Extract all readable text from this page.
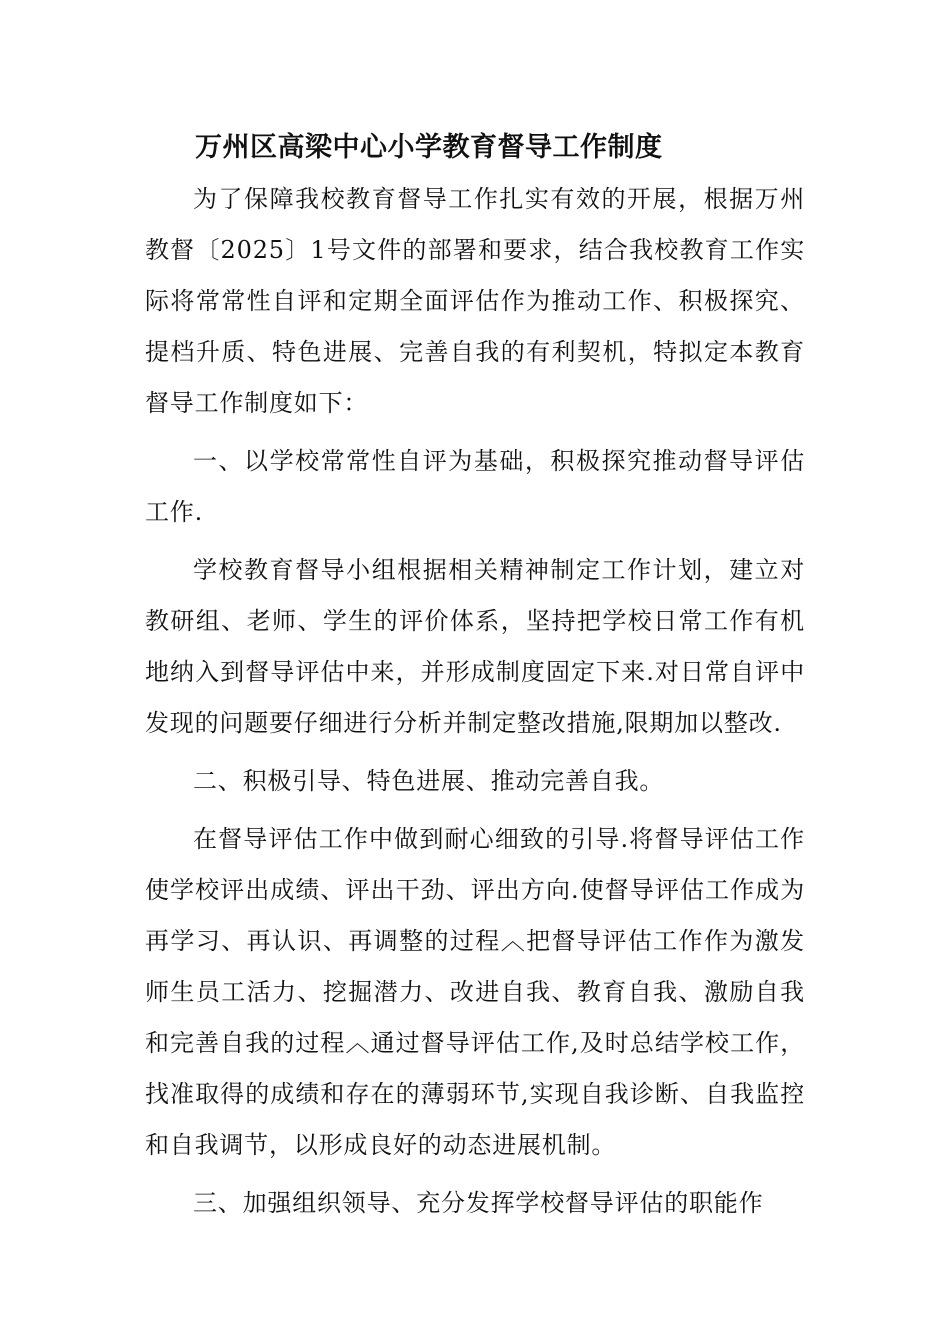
万州区高梁中心小学教育督导工作制度

为了保障我校教育督导工作扎实有效的开展，根据万州教督〔2025〕1号文件的部署和要求，结合我校教育工作实际将常常性自评和定期全面评估作为推动工作、积极探究、提档升质、特色进展、完善自我的有利契机，特拟定本教育督导工作制度如下：

一、以学校常常性自评为基础，积极探究推动督导评估工作.

学校教育督导小组根据相关精神制定工作计划，建立对教研组、老师、学生的评价体系，坚持把学校日常工作有机地纳入到督导评估中来，并形成制度固定下来.对日常自评中发现的问题要仔细进行分析并制定整改措施,限期加以整改.

二、积极引导、特色进展、推动完善自我。

在督导评估工作中做到耐心细致的引导.将督导评估工作使学校评出成绩、评出干劲、评出方向.使督导评估工作成为再学习、再认识、再调整的过程︿把督导评估工作作为激发师生员工活力、挖掘潜力、改进自我、教育自我、激励自我和完善自我的过程︿通过督导评估工作,及时总结学校工作，找准取得的成绩和存在的薄弱环节,实现自我诊断、自我监控和自我调节，以形成良好的动态进展机制。

三、加强组织领导、充分发挥学校督导评估的职能作
